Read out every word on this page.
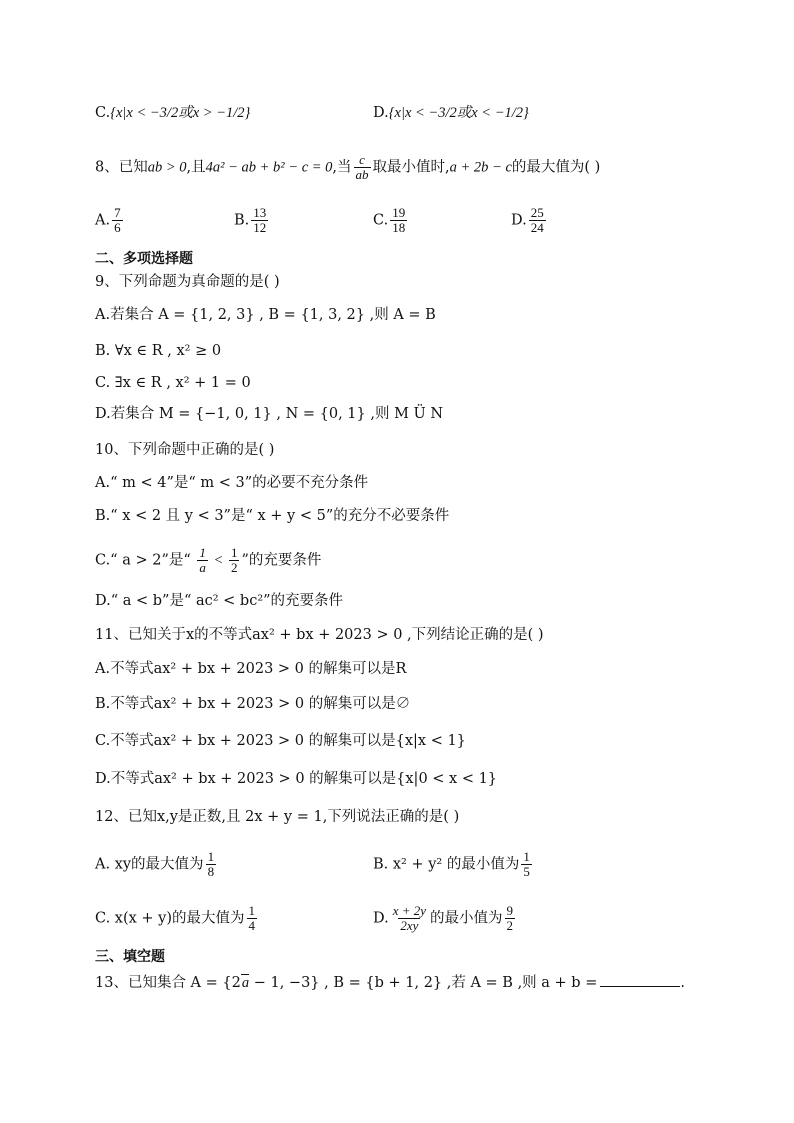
C.{x|x < −3/2或x > −1/2}	D.{x|x < −3/2或x < −1/2}
8、已知ab > 0,且4a² − ab + b² − c = 0,当 $\frac{c}{ab}$ 取最小值时,a + 2b − c的最大值为( )
A. $\frac{7}{6}$	B. $\frac{13}{12}$	C. $\frac{19}{18}$	D. $\frac{25}{24}$
二、多项选择题
9、下列命题为真命题的是( )
A.若集合 A = {1, 2, 3} , B = {1, 3, 2} ,则 A = B
B. ∀x ∈ R , x² ≥ 0
C. ∃x ∈ R , x² + 1 = 0
D.若集合 M = {−1, 0, 1} , N = {0, 1} ,则 M Ü N
10、下列命题中正确的是( )
A.“ m < 4”是“ m < 3”的必要不充分条件
B.“ x < 2 且 y < 3”是“ x + y < 5”的充分不必要条件
C.“ a > 2”是“ $\frac{1}{a} < \frac{1}{2}$ ”的充要条件
D.“ a < b”是“ ac² < bc²”的充要条件
11、已知关于x的不等式ax² + bx + 2023 > 0 ,下列结论正确的是( )
A.不等式ax² + bx + 2023 > 0 的解集可以是R
B.不等式ax² + bx + 2023 > 0 的解集可以是∅
C.不等式ax² + bx + 2023 > 0 的解集可以是{x|x < 1}
D.不等式ax² + bx + 2023 > 0 的解集可以是{x|0 < x < 1}
12、已知x,y是正数,且 2x + y = 1,下列说法正确的是( )
A. xy的最大值为 $\frac{1}{8}$	B. x² + y² 的最小值为 $\frac{1}{5}$
C. x(x + y)的最大值为 $\frac{1}{4}$	D. $\frac{x + 2y}{2xy}$ 的最小值为 $\frac{9}{2}$
三、填空题
13、已知集合 A = {2a − 1, −3} , B = {b + 1, 2} ,若 A = B ,则 a + b =	.
